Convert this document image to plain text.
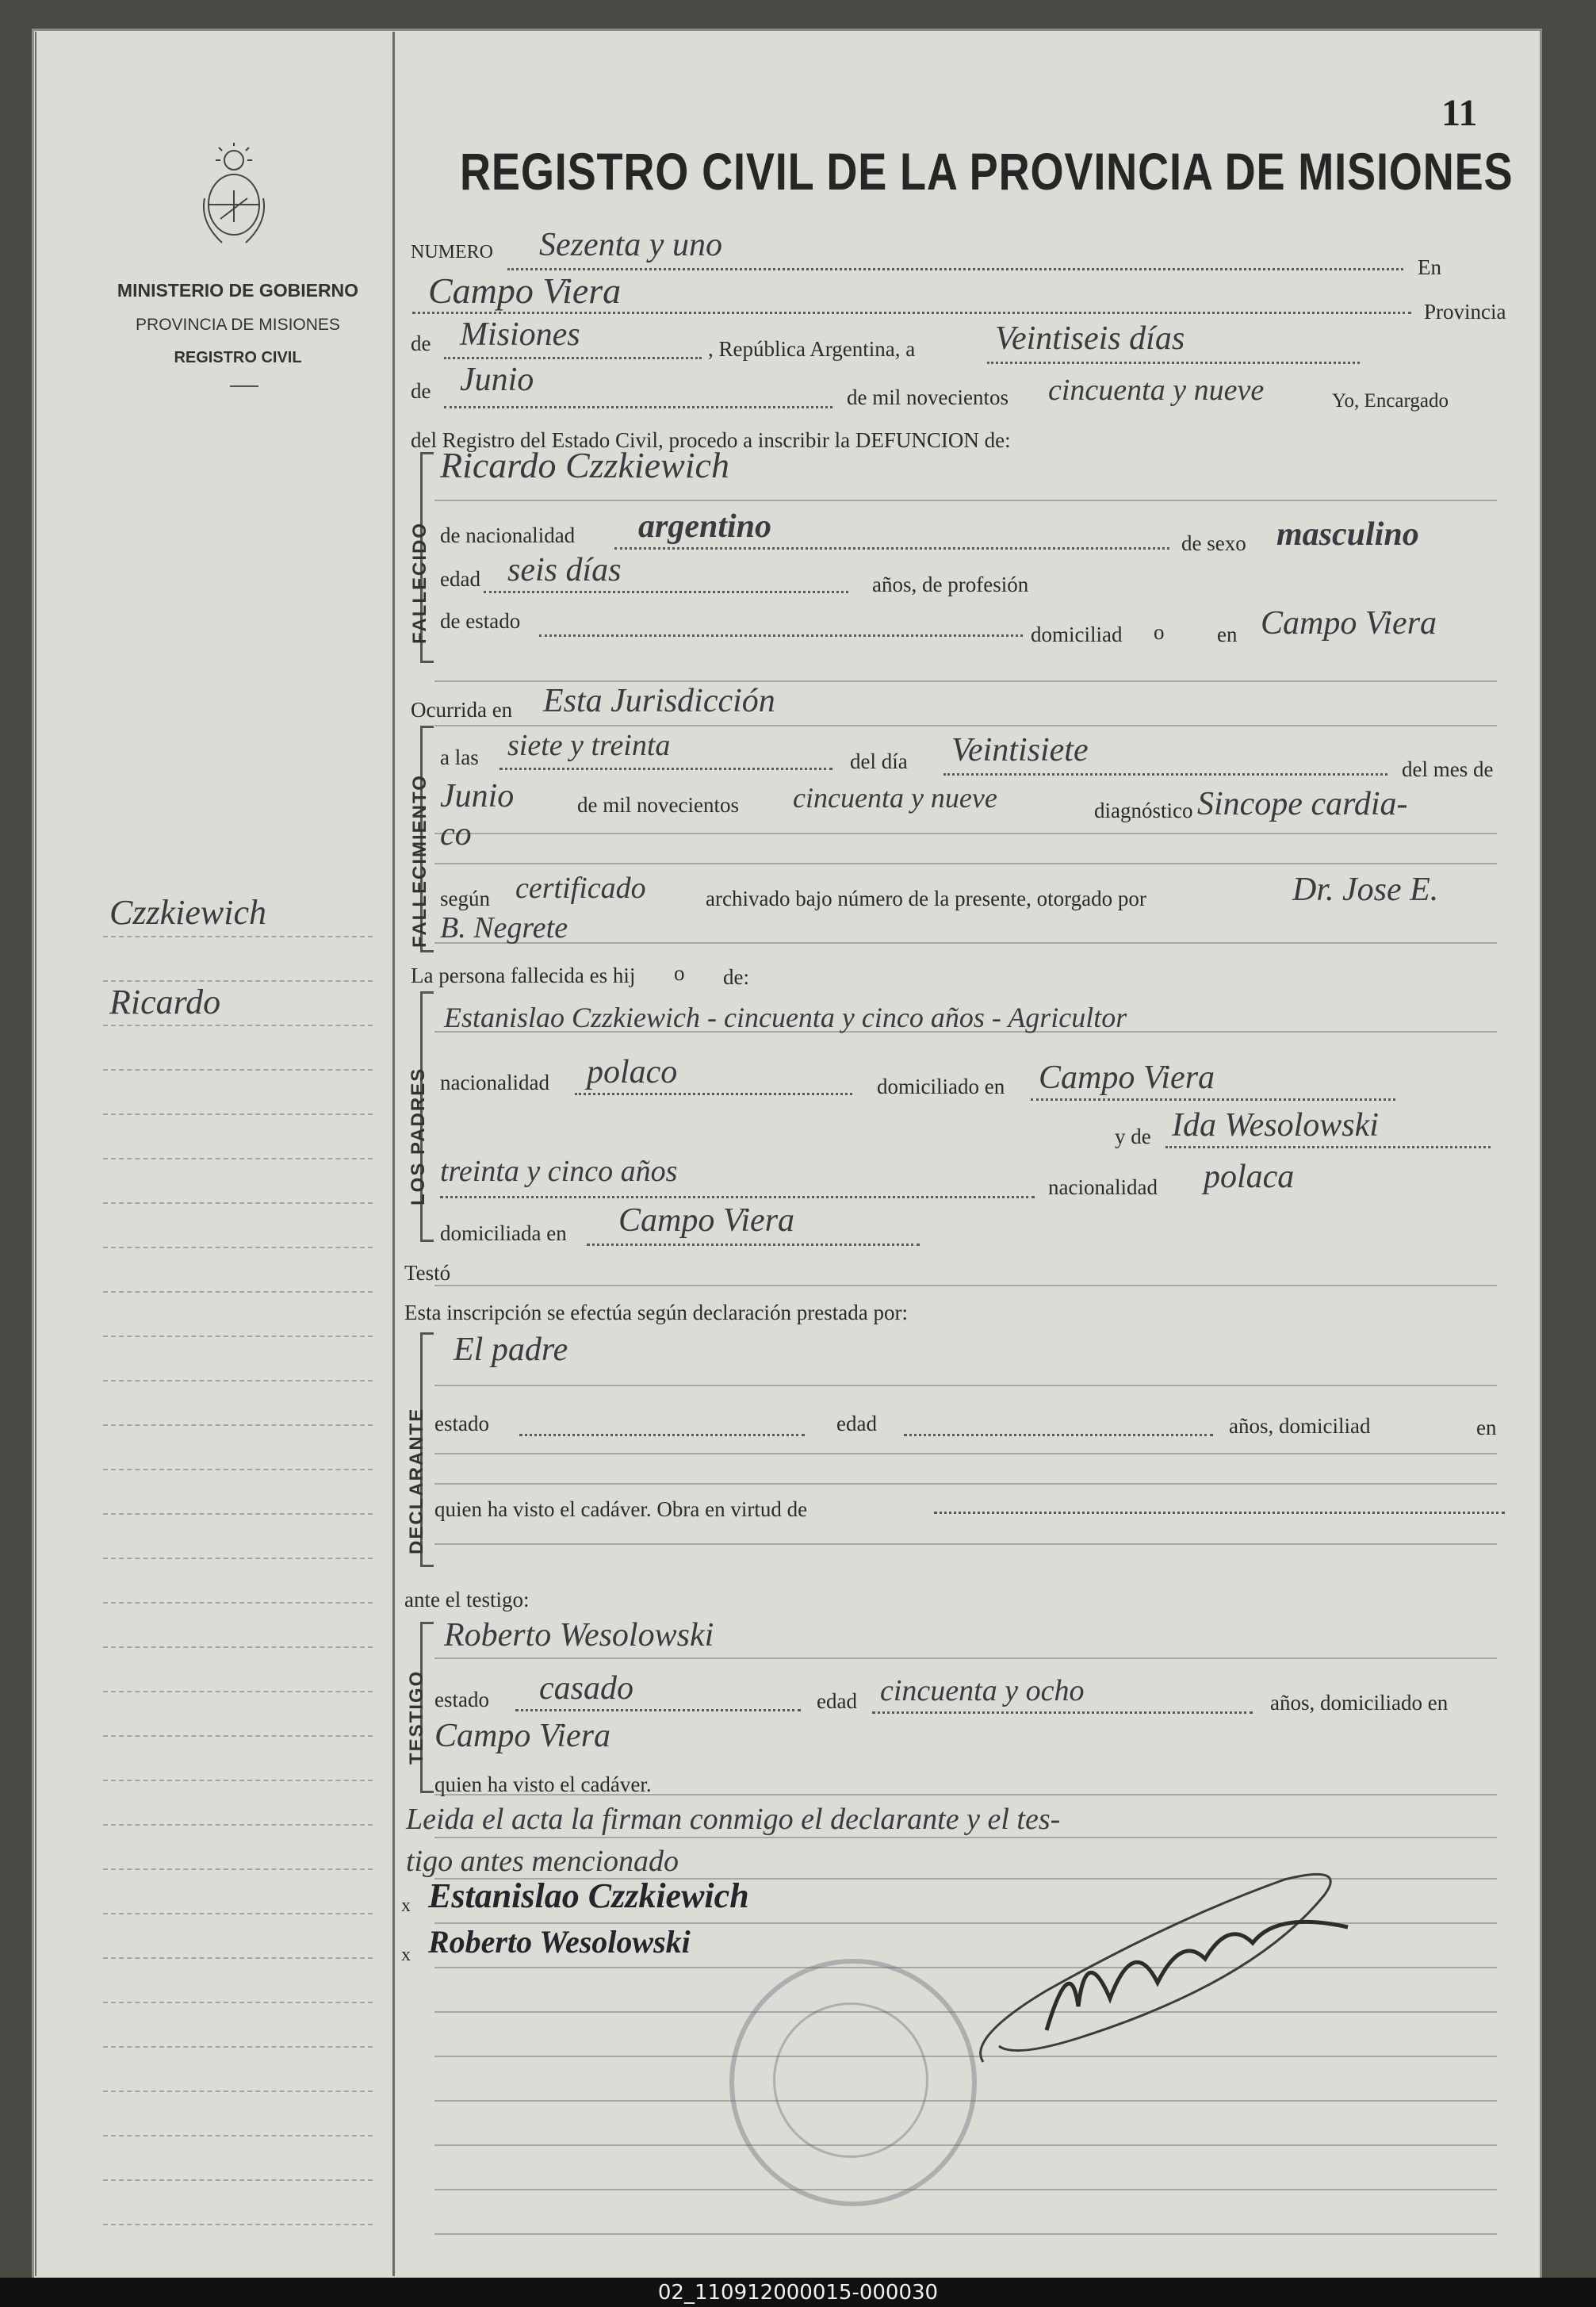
11
REGISTRO CIVIL DE LA PROVINCIA DE MISIONES
MINISTERIO DE GOBIERNO
PROVINCIA DE MISIONES
REGISTRO CIVIL
Czzkiewich
Ricardo
NUMERO Sezenta y uno
En
Campo Viera
Provincia
de Misiones	, República Argentina, a Veintiseis días
de Junio	de mil novecientos cincuenta y nueve	Yo, Encargado
del Registro del Estado Civil, procedo a inscribir la DEFUNCION de:
FALLECIDO
Ricardo Czzkiewich
de nacionalidad argentino	de sexo masculino
edad seis días	años, de profesión
de estado
domiciliad o en Campo Viera
Ocurrida en Esta Jurisdicción
FALLECIMIENTO
a las siete y treinta	del día Veintisiete
del mes de
Junio	de mil novecientos cincuenta y nueve	diagnóstico Sincope cardia-
co
según certificado	archivado bajo número de la presente, otorgado por	Dr. Jose E.
B. Negrete
La persona fallecida es hij o de:
LOS PADRES
Estanislao Czzkiewich - cincuenta y cinco años - Agricultor
nacionalidad polaco	domiciliado en Campo Viera
y de Ida Wesolowski
treinta y cinco años	nacionalidad polaca
domiciliada en Campo Viera
Testó
Esta inscripción se efectúa según declaración prestada por:
DECLARANTE
El padre
estado	edad	años, domiciliad	en
quien ha visto el cadáver. Obra en virtud de
ante el testigo:
TESTIGO
Roberto Wesolowski
estado casado	edad cincuenta y ocho	años, domiciliado en
Campo Viera
quien ha visto el cadáver.
Leida el acta la firman conmigo el declarante y el tes-
tigo antes mencionado
x Estanislao Czzkiewich
x Roberto Wesolowski
02_110912000015-000030
